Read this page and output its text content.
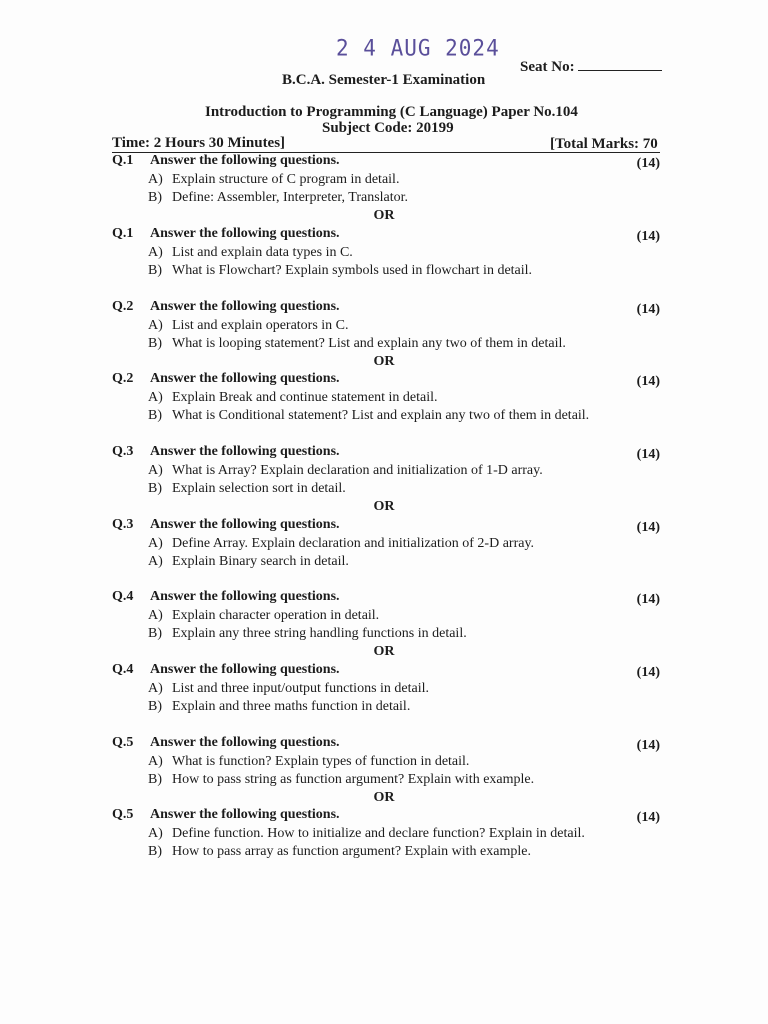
2 4 AUG 2024
Seat No:
B.C.A. Semester-1 Examination
Introduction to Programming (C Language) Paper No.104
Subject Code: 20199
Time: 2 Hours 30 Minutes]	[Total Marks: 70
Q.1 Answer the following questions.	(14)
A) Explain structure of C program in detail.
B) Define: Assembler, Interpreter, Translator.
OR
Q.1 Answer the following questions.	(14)
A) List and explain data types in C.
B) What is Flowchart? Explain symbols used in flowchart in detail.
Q.2 Answer the following questions.	(14)
A) List and explain operators in C.
B) What is looping statement? List and explain any two of them in detail.
OR
Q.2 Answer the following questions.	(14)
A) Explain Break and continue statement in detail.
B) What is Conditional statement? List and explain any two of them in detail.
Q.3 Answer the following questions.	(14)
A) What is Array? Explain declaration and initialization of 1-D array.
B) Explain selection sort in detail.
OR
Q.3 Answer the following questions.	(14)
A) Define Array. Explain declaration and initialization of 2-D array.
A) Explain Binary search in detail.
Q.4 Answer the following questions.	(14)
A) Explain character operation in detail.
B) Explain any three string handling functions in detail.
OR
Q.4 Answer the following questions.	(14)
A) List and three input/output functions in detail.
B) Explain and three maths function in detail.
Q.5 Answer the following questions.	(14)
A) What is function? Explain types of function in detail.
B) How to pass string as function argument? Explain with example.
OR
Q.5 Answer the following questions.	(14)
A) Define function. How to initialize and declare function? Explain in detail.
B) How to pass array as function argument? Explain with example.
